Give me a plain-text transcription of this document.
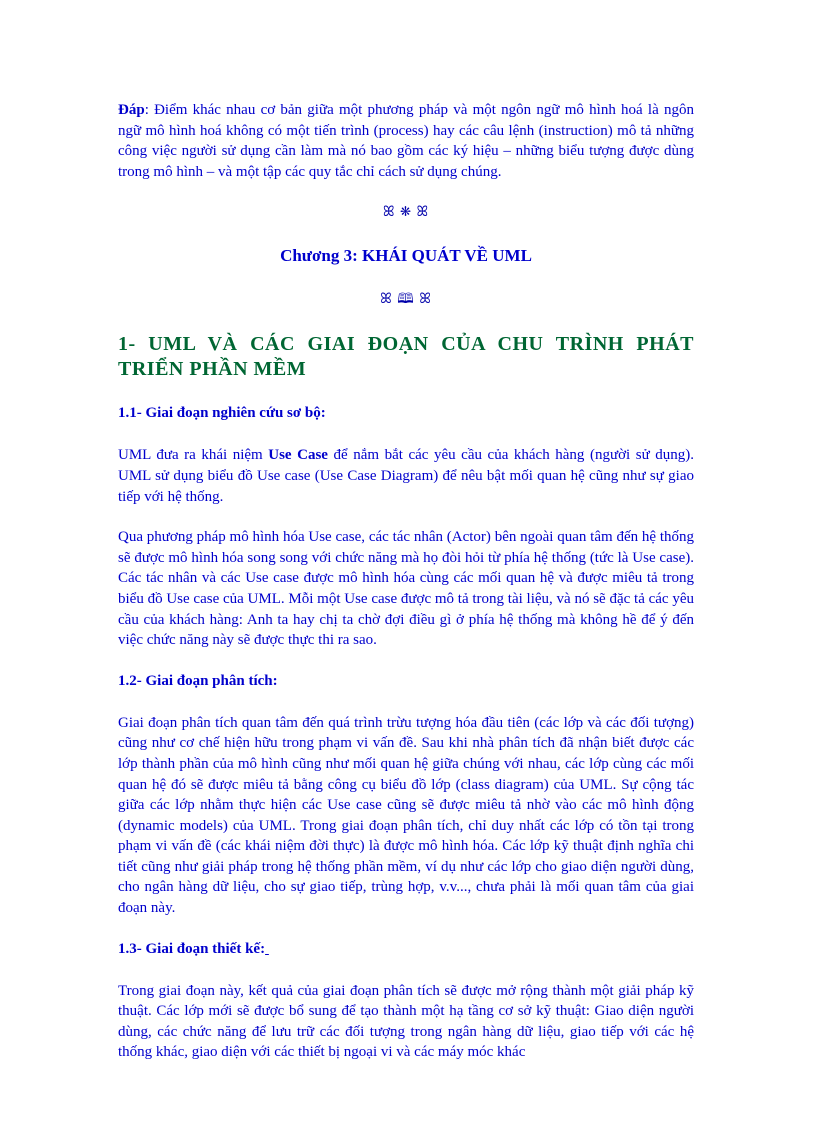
Đáp: Điểm khác nhau cơ bản giữa một phương pháp và một ngôn ngữ mô hình hoá là ngôn ngữ mô hình hoá không có một tiến trình (process) hay các câu lệnh (instruction) mô tả những công việc người sử dụng cần làm mà nó bao gồm các ký hiệu – những biểu tượng được dùng trong mô hình – và một tập các quy tắc chỉ cách sử dụng chúng.

ꕤ ❋ ꕤ
Chương 3: KHÁI QUÁT VỀ UML
ꕤ 🕮 ꕤ
1- UML VÀ CÁC GIAI ĐOẠN CỦA CHU TRÌNH PHÁT TRIỂN PHẦN MỀM
1.1- Giai đoạn nghiên cứu sơ bộ:

UML đưa ra khái niệm Use Case để nắm bắt các yêu cầu của khách hàng (người sử dụng). UML sử dụng biểu đồ Use case (Use Case Diagram) để nêu bật mối quan hệ cũng như sự giao tiếp với hệ thống.

Qua phương pháp mô hình hóa Use case, các tác nhân (Actor) bên ngoài quan tâm đến hệ thống sẽ được mô hình hóa song song với chức năng mà họ đòi hỏi từ phía hệ thống (tức là Use case). Các tác nhân và các Use case được mô hình hóa cùng các mối quan hệ và được miêu tả trong biểu đồ Use case của UML. Mỗi một Use case được mô tả trong tài liệu, và nó sẽ đặc tả các yêu cầu của khách hàng: Anh ta hay chị ta chờ đợi điều gì ở phía hệ thống mà không hề để ý đến việc chức năng này sẽ được thực thi ra sao.

1.2- Giai đoạn phân tích:

Giai đoạn phân tích quan tâm đến quá trình trừu tượng hóa đầu tiên (các lớp và các đối tượng) cũng như cơ chế hiện hữu trong phạm vi vấn đề. Sau khi nhà phân tích đã nhận biết được các lớp thành phần của mô hình cũng như mối quan hệ giữa chúng với nhau, các lớp cùng các mối quan hệ đó sẽ được miêu tả bằng công cụ biểu đồ lớp (class diagram) của UML. Sự cộng tác giữa các lớp nhằm thực hiện các Use case cũng sẽ được miêu tả nhờ vào các mô hình động (dynamic models) của UML. Trong giai đoạn phân tích, chỉ duy nhất các lớp có tồn tại trong phạm vi vấn đề (các khái niệm đời thực) là được mô hình hóa. Các lớp kỹ thuật định nghĩa chi tiết cũng như giải pháp trong hệ thống phần mềm, ví dụ như các lớp cho giao diện người dùng, cho ngân hàng dữ liệu, cho sự giao tiếp, trùng hợp, v.v..., chưa phải là mối quan tâm của giai đoạn này.

1.3- Giai đoạn thiết kế:

Trong giai đoạn này, kết quả của giai đoạn phân tích sẽ được mở rộng thành một giải pháp kỹ thuật. Các lớp mới sẽ được bổ sung để tạo thành một hạ tầng cơ sở kỹ thuật: Giao diện người dùng, các chức năng để lưu trữ các đối tượng trong ngân hàng dữ liệu, giao tiếp với các hệ thống khác, giao diện với các thiết bị ngoại vi và các máy móc khác
